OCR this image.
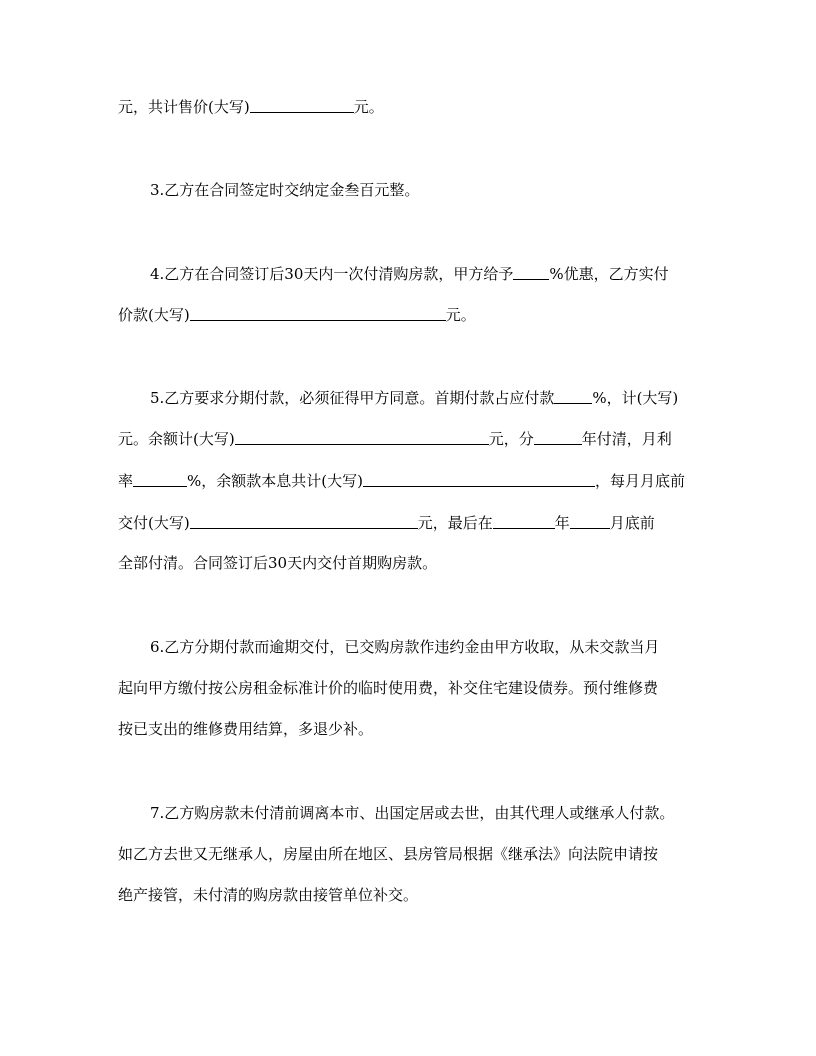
元，共计售价(大写)	元。
3.乙方在合同签定时交纳定金叁百元整。
4.乙方在合同签订后30天内一次付清购房款，甲方给予 %优惠，乙方实付
价款(大写)	元。
5.乙方要求分期付款，必须征得甲方同意。首期付款占应付款	%，计(大写)
元。余额计(大写)	元，分	年付清，月利
率	%，余额款本息共计(大写)	，每月月底前
交付(大写)	元，最后在	年	月底前
全部付清。合同签订后30天内交付首期购房款。
6.乙方分期付款而逾期交付，已交购房款作违约金由甲方收取，从未交款当月
起向甲方缴付按公房租金标准计价的临时使用费，补交住宅建设债券。预付维修费
按已支出的维修费用结算，多退少补。
7.乙方购房款未付清前调离本市、出国定居或去世，由其代理人或继承人付款。
如乙方去世又无继承人，房屋由所在地区、县房管局根据《继承法》向法院申请按
绝产接管，未付清的购房款由接管单位补交。
